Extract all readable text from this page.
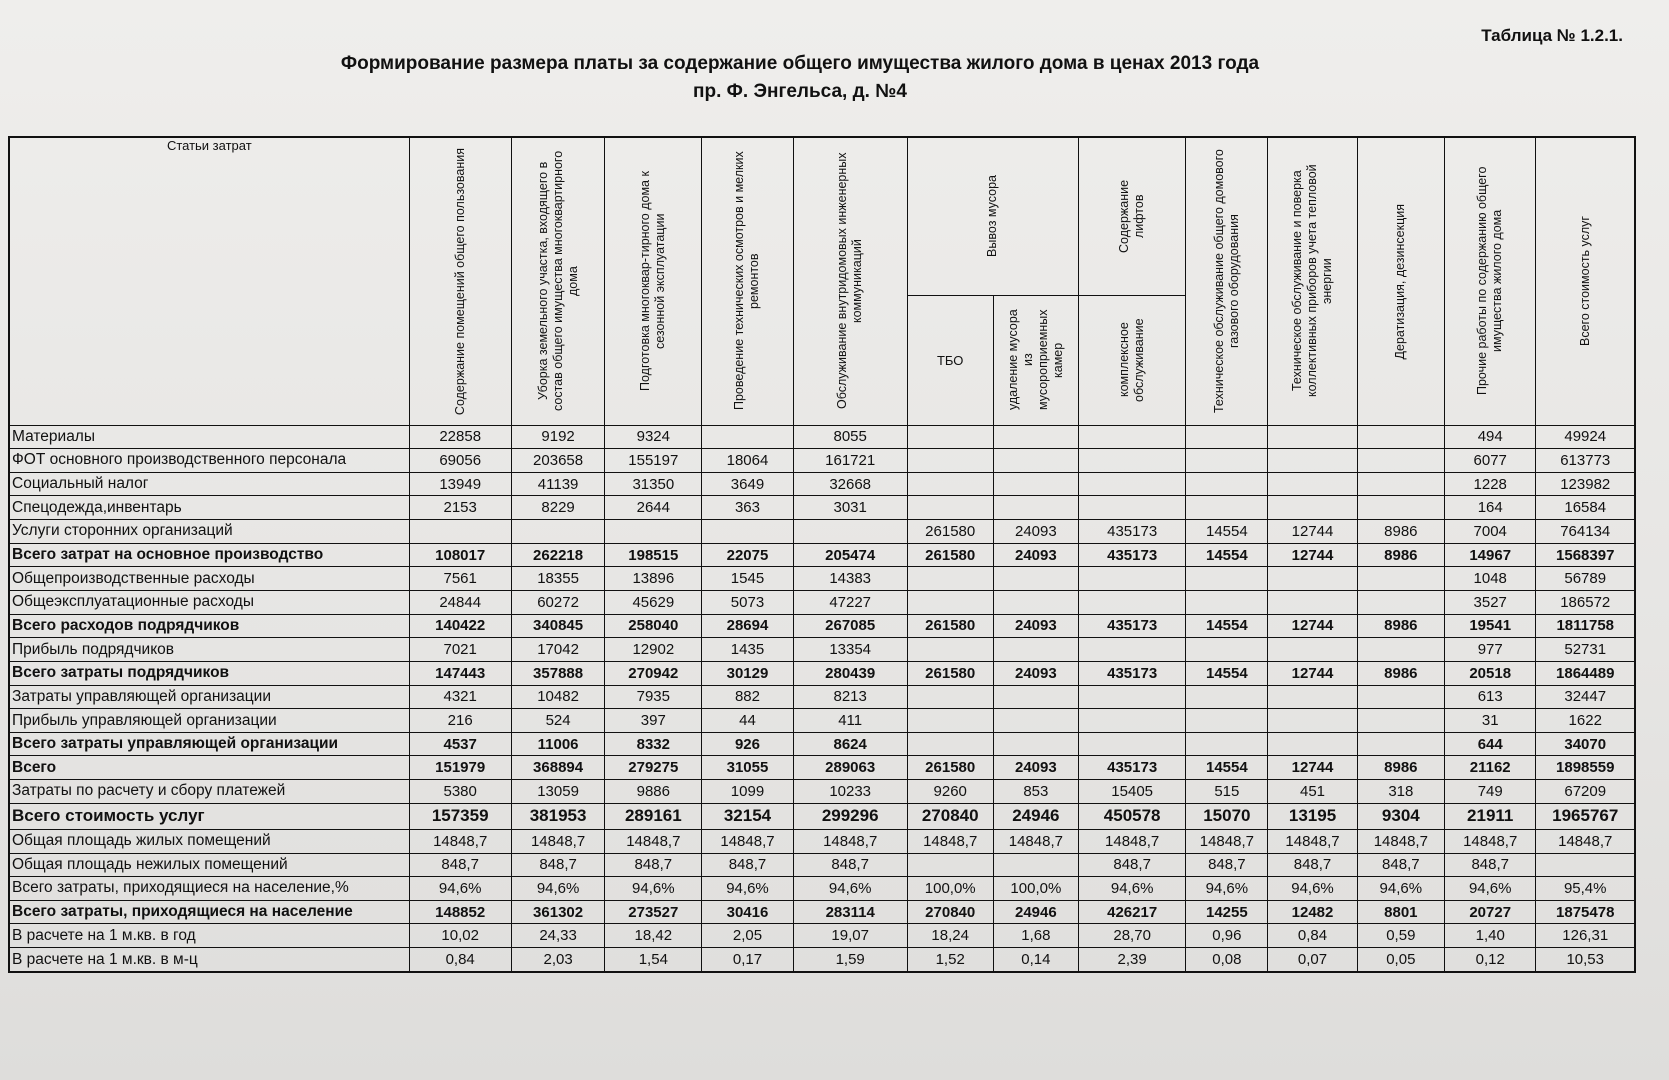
Таблица № 1.2.1.
Формирование размера платы за содержание общего имущества жилого дома в ценах 2013 года
пр. Ф. Энгельса, д. №4
Статьи затрат	Содержание помещений общего пользования	Уборка земельного участка, входящего в состав общего имущества многоквартирного дома	Подготовка многоквар-тирного дома к сезонной эксплуатации	Проведение технических осмотров и мелких ремонтов	Обслуживание внутридомовых инженерных коммуникаций	Вывоз мусора		Содержание лифтов	Техническое обслуживание общего домового газового оборудования	Техническое обслуживание и поверка коллективных приборов учета тепловой энергии	Дератизация, дезинсекция	Прочие работы по содержанию общего имущества жилого дома	Всего стоимость услуг

						ТБО	удаление мусора из мусороприемных камер	комплексное обслуживание					

Материалы	22858	9192	9324		8055							494	49924
ФОТ основного производственного персонала	69056	203658	155197	18064	161721							6077	613773
Социальный налог	13949	41139	31350	3649	32668							1228	123982
Спецодежда,инвентарь	2153	8229	2644	363	3031							164	16584
Услуги сторонних организаций						261580	24093	435173	14554	12744	8986	7004	764134
Всего затрат на основное производство	108017	262218	198515	22075	205474	261580	24093	435173	14554	12744	8986	14967	1568397
Общепроизводственные расходы	7561	18355	13896	1545	14383							1048	56789
Общеэксплуатационные расходы	24844	60272	45629	5073	47227							3527	186572
Всего расходов подрядчиков	140422	340845	258040	28694	267085	261580	24093	435173	14554	12744	8986	19541	1811758
Прибыль подрядчиков	7021	17042	12902	1435	13354							977	52731
Всего затраты подрядчиков	147443	357888	270942	30129	280439	261580	24093	435173	14554	12744	8986	20518	1864489
Затраты управляющей организации	4321	10482	7935	882	8213							613	32447
Прибыль управляющей организации	216	524	397	44	411							31	1622
Всего затраты управляющей организации	4537	11006	8332	926	8624							644	34070
Всего	151979	368894	279275	31055	289063	261580	24093	435173	14554	12744	8986	21162	1898559
Затраты по расчету и сбору платежей	5380	13059	9886	1099	10233	9260	853	15405	515	451	318	749	67209
Всего стоимость услуг	157359	381953	289161	32154	299296	270840	24946	450578	15070	13195	9304	21911	1965767
Общая площадь жилых помещений	14848,7	14848,7	14848,7	14848,7	14848,7	14848,7	14848,7	14848,7	14848,7	14848,7	14848,7	14848,7	14848,7
Общая площадь нежилых помещений	848,7	848,7	848,7	848,7	848,7			848,7	848,7	848,7	848,7	848,7	
Всего затраты, приходящиеся на население,%	94,6%	94,6%	94,6%	94,6%	94,6%	100,0%	100,0%	94,6%	94,6%	94,6%	94,6%	94,6%	95,4%
Всего затраты, приходящиеся на население	148852	361302	273527	30416	283114	270840	24946	426217	14255	12482	8801	20727	1875478
В расчете на 1 м.кв. в год	10,02	24,33	18,42	2,05	19,07	18,24	1,68	28,70	0,96	0,84	0,59	1,40	126,31
В расчете на 1 м.кв. в м-ц	0,84	2,03	1,54	0,17	1,59	1,52	0,14	2,39	0,08	0,07	0,05	0,12	10,53
